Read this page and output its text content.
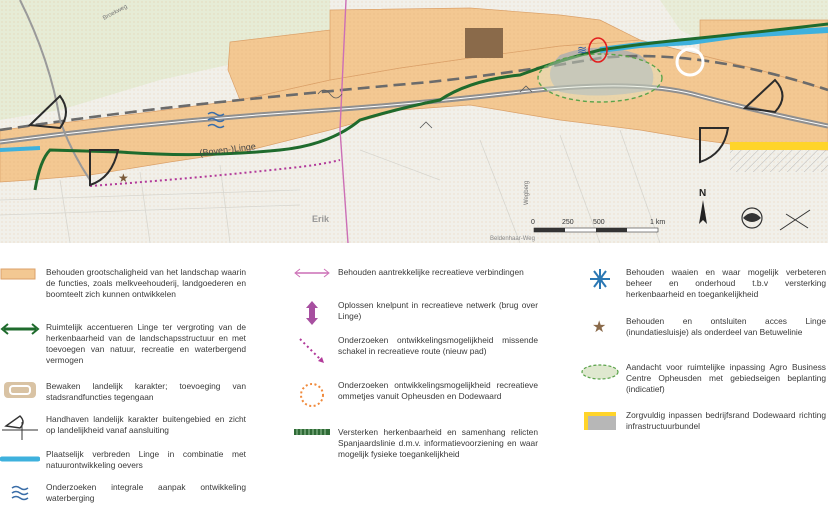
≋
★
(Boven-)Linge
Broekweg
Wegberg
Erik
Beldenhaar-Weg
0	250	500	1 km
N
Behouden grootschaligheid van het landschap waarin de functies, zoals melkveehouderij, landgoederen en boomteelt zich kunnen ontwikkelen
Ruimtelijk accentueren Linge ter vergroting van de herkenbaarheid van de landschapsstructuur en met toevoegen van natuur, recreatie en waterbergend vermogen
Bewaken landelijk karakter; toevoeging van stadsrandfuncties tegengaan
Handhaven landelijk karakter buitengebied en zicht op landelijkheid vanaf aansluiting
Plaatselijk verbreden Linge in combinatie met natuurontwikkeling oevers
Onderzoeken integrale aanpak ontwikkeling waterberging
Behouden aantrekkelijke recreatieve verbindingen
Oplossen knelpunt in recreatieve netwerk (brug over Linge)
Onderzoeken ontwikkelingsmogelijkheid missende schakel in recreatieve route (nieuw pad)
Onderzoeken ontwikkelingsmogelijkheid recreatieve ommetjes vanuit Opheusden en Dodewaard
Versterken herkenbaarheid en samenhang relicten Spanjaardslinie d.m.v. informatievoorziening en waar mogelijk fysieke toegankelijkheid
Behouden waaien en waar mogelijk verbeteren beheer en onderhoud t.b.v versterking herkenbaarheid en toegankelijkheid
★ Behouden en ontsluiten acces Linge (inundatiesluisje) als onderdeel van Betuwelinie
Aandacht voor ruimtelijke inpassing Agro Business Centre Opheusden met gebiedseigen beplanting (indicatief)
Zorgvuldig inpassen bedrijfsrand Dodewaard richting infrastructuurbundel
